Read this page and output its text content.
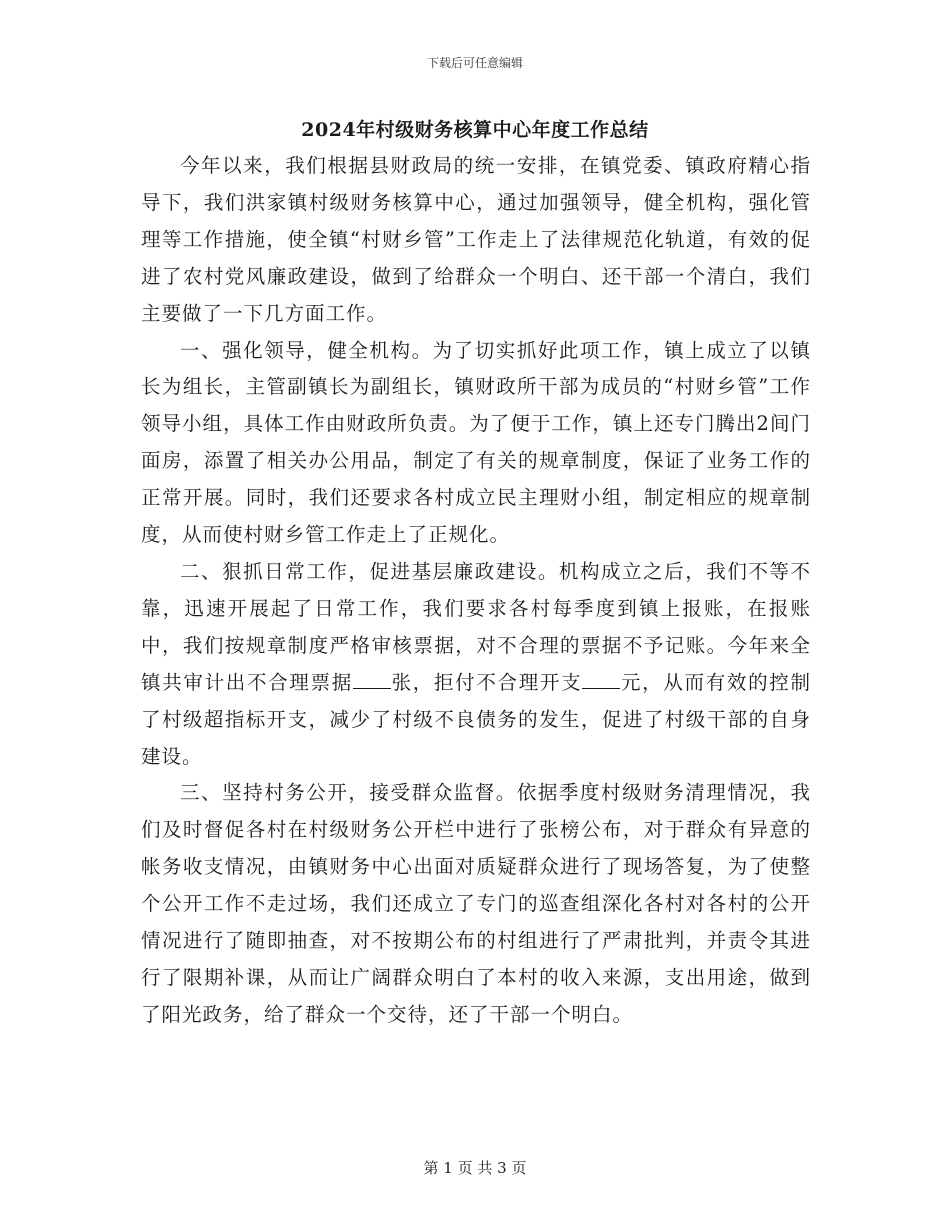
下载后可任意编辑
2024年村级财务核算中心年度工作总结

今年以来，我们根据县财政局的统一安排，在镇党委、镇政府精心指导下，我们洪家镇村级财务核算中心，通过加强领导，健全机构，强化管理等工作措施，使全镇“村财乡管”工作走上了法律规范化轨道，有效的促进了农村党风廉政建设，做到了给群众一个明白、还干部一个清白，我们主要做了一下几方面工作。

一、强化领导，健全机构。为了切实抓好此项工作，镇上成立了以镇长为组长，主管副镇长为副组长，镇财政所干部为成员的“村财乡管”工作领导小组，具体工作由财政所负责。为了便于工作，镇上还专门腾出2间门面房，添置了相关办公用品，制定了有关的规章制度，保证了业务工作的正常开展。同时，我们还要求各村成立民主理财小组，制定相应的规章制度，从而使村财乡管工作走上了正规化。

二、狠抓日常工作，促进基层廉政建设。机构成立之后，我们不等不靠，迅速开展起了日常工作，我们要求各村每季度到镇上报账，在报账中，我们按规章制度严格审核票据，对不合理的票据不予记账。今年来全镇共审计出不合理票据 张，拒付不合理开支 元，从而有效的控制了村级超指标开支，减少了村级不良债务的发生，促进了村级干部的自身建设。

三、坚持村务公开，接受群众监督。依据季度村级财务清理情况，我们及时督促各村在村级财务公开栏中进行了张榜公布，对于群众有异意的帐务收支情况，由镇财务中心出面对质疑群众进行了现场答复，为了使整个公开工作不走过场，我们还成立了专门的巡查组深化各村对各村的公开情况进行了随即抽查，对不按期公布的村组进行了严肃批判，并责令其进行了限期补课，从而让广阔群众明白了本村的收入来源，支出用途，做到了阳光政务，给了群众一个交待，还了干部一个明白。

第 1 页 共 3 页
